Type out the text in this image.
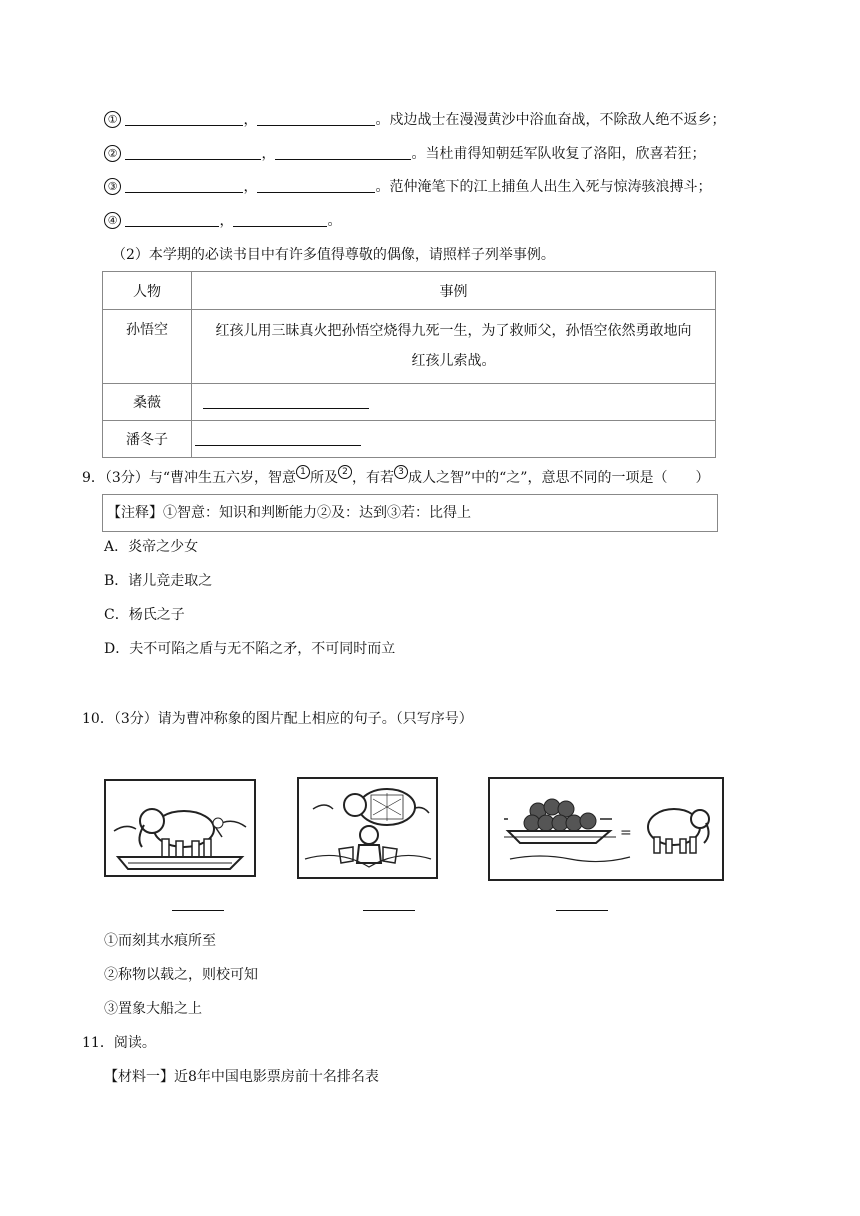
①	，	。戍边战士在漫漫黄沙中浴血奋战，不除敌人绝不返乡；
②	，	。当杜甫得知朝廷军队收复了洛阳，欣喜若狂；
③	，	。范仲淹笔下的江上捕鱼人出生入死与惊涛骇浪搏斗；
④	，	。
（2）本学期的必读书目中有许多值得尊敬的偶像，请照样子列举事例。
人物	事例
孙悟空	红孩儿用三昧真火把孙悟空烧得九死一生，为了救师父，孙悟空依然勇敢地向
红孩儿索战。

桑薇	
潘冬子	
9．（3分）与“曹冲生五六岁，智意 1 所及 2 ，有若 3 成人之智”中的“之”，意思不同的一项是（　　）
【注释】①智意：知识和判断能力②及：达到③若：比得上
A．炎帝之少女
B．诸儿竞走取之
C．杨氏之子
D．夫不可陷之盾与无不陷之矛，不可同时而立
10．（3分）请为曹冲称象的图片配上相应的句子。（只写序号）
=
①而刻其水痕所至
②称物以载之，则校可知
③置象大船之上
11．阅读。
【材料一】近8年中国电影票房前十名排名表
